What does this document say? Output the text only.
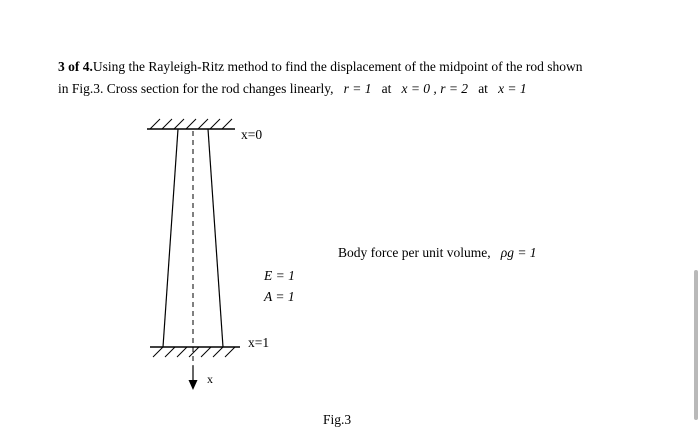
3 of 4.Using the Rayleigh-Ritz method to find the displacement of the midpoint of the rod shown
in Fig.3. Cross section for the rod changes linearly, r = 1 at x = 0 , r = 2 at x = 1
x=0
x=1
x
E = 1
A = 1
Body force per unit volume, ρg = 1
Fig.3
